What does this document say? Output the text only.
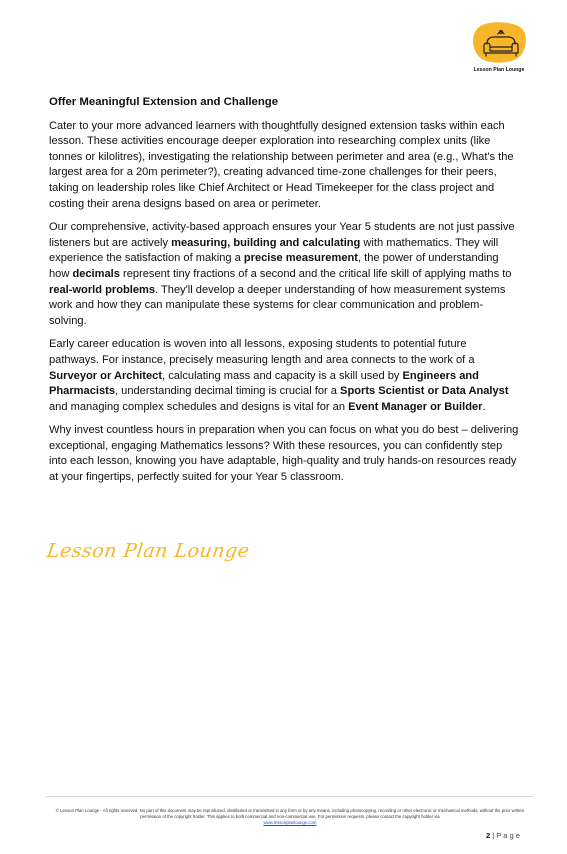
Lesson Plan Lounge
Offer Meaningful Extension and Challenge

Cater to your more advanced learners with thoughtfully designed extension tasks within each lesson. These activities encourage deeper exploration into researching complex units (like tonnes or kilolitres), investigating the relationship between perimeter and area (e.g., What's the largest area for a 20m perimeter?), creating advanced time-zone challenges for their peers, taking on leadership roles like Chief Architect or Head Timekeeper for the class project and costing their arena designs based on area or perimeter.

Our comprehensive, activity-based approach ensures your Year 5 students are not just passive listeners but are actively measuring, building and calculating with mathematics. They will experience the satisfaction of making a precise measurement, the power of understanding how decimals represent tiny fractions of a second and the critical life skill of applying maths to real-world problems. They'll develop a deeper understanding of how measurement systems work and how they can manipulate these systems for clear communication and problem-solving.

Early career education is woven into all lessons, exposing students to potential future pathways. For instance, precisely measuring length and area connects to the work of a Surveyor or Architect, calculating mass and capacity is a skill used by Engineers and Pharmacists, understanding decimal timing is crucial for a Sports Scientist or Data Analyst and managing complex schedules and designs is vital for an Event Manager or Builder.

Why invest countless hours in preparation when you can focus on what you do best – delivering exceptional, engaging Mathematics lessons? With these resources, you can confidently step into each lesson, knowing you have adaptable, high-quality and truly hands-on resources ready at your fingertips, perfectly suited for your Year 5 classroom.

Lesson Plan Lounge
© Lesson Plan Lounge - All rights reserved. No part of this document may be reproduced, distributed or transmitted in any form or by any means, including photocopying, recording or other electronic or mechanical methods, without the prior written permission of the copyright holder. This applies to both commercial and non-commercial use. For permission requests, please contact the copyright holder via
www.lessonplanlounge.com
2 | P a g e
